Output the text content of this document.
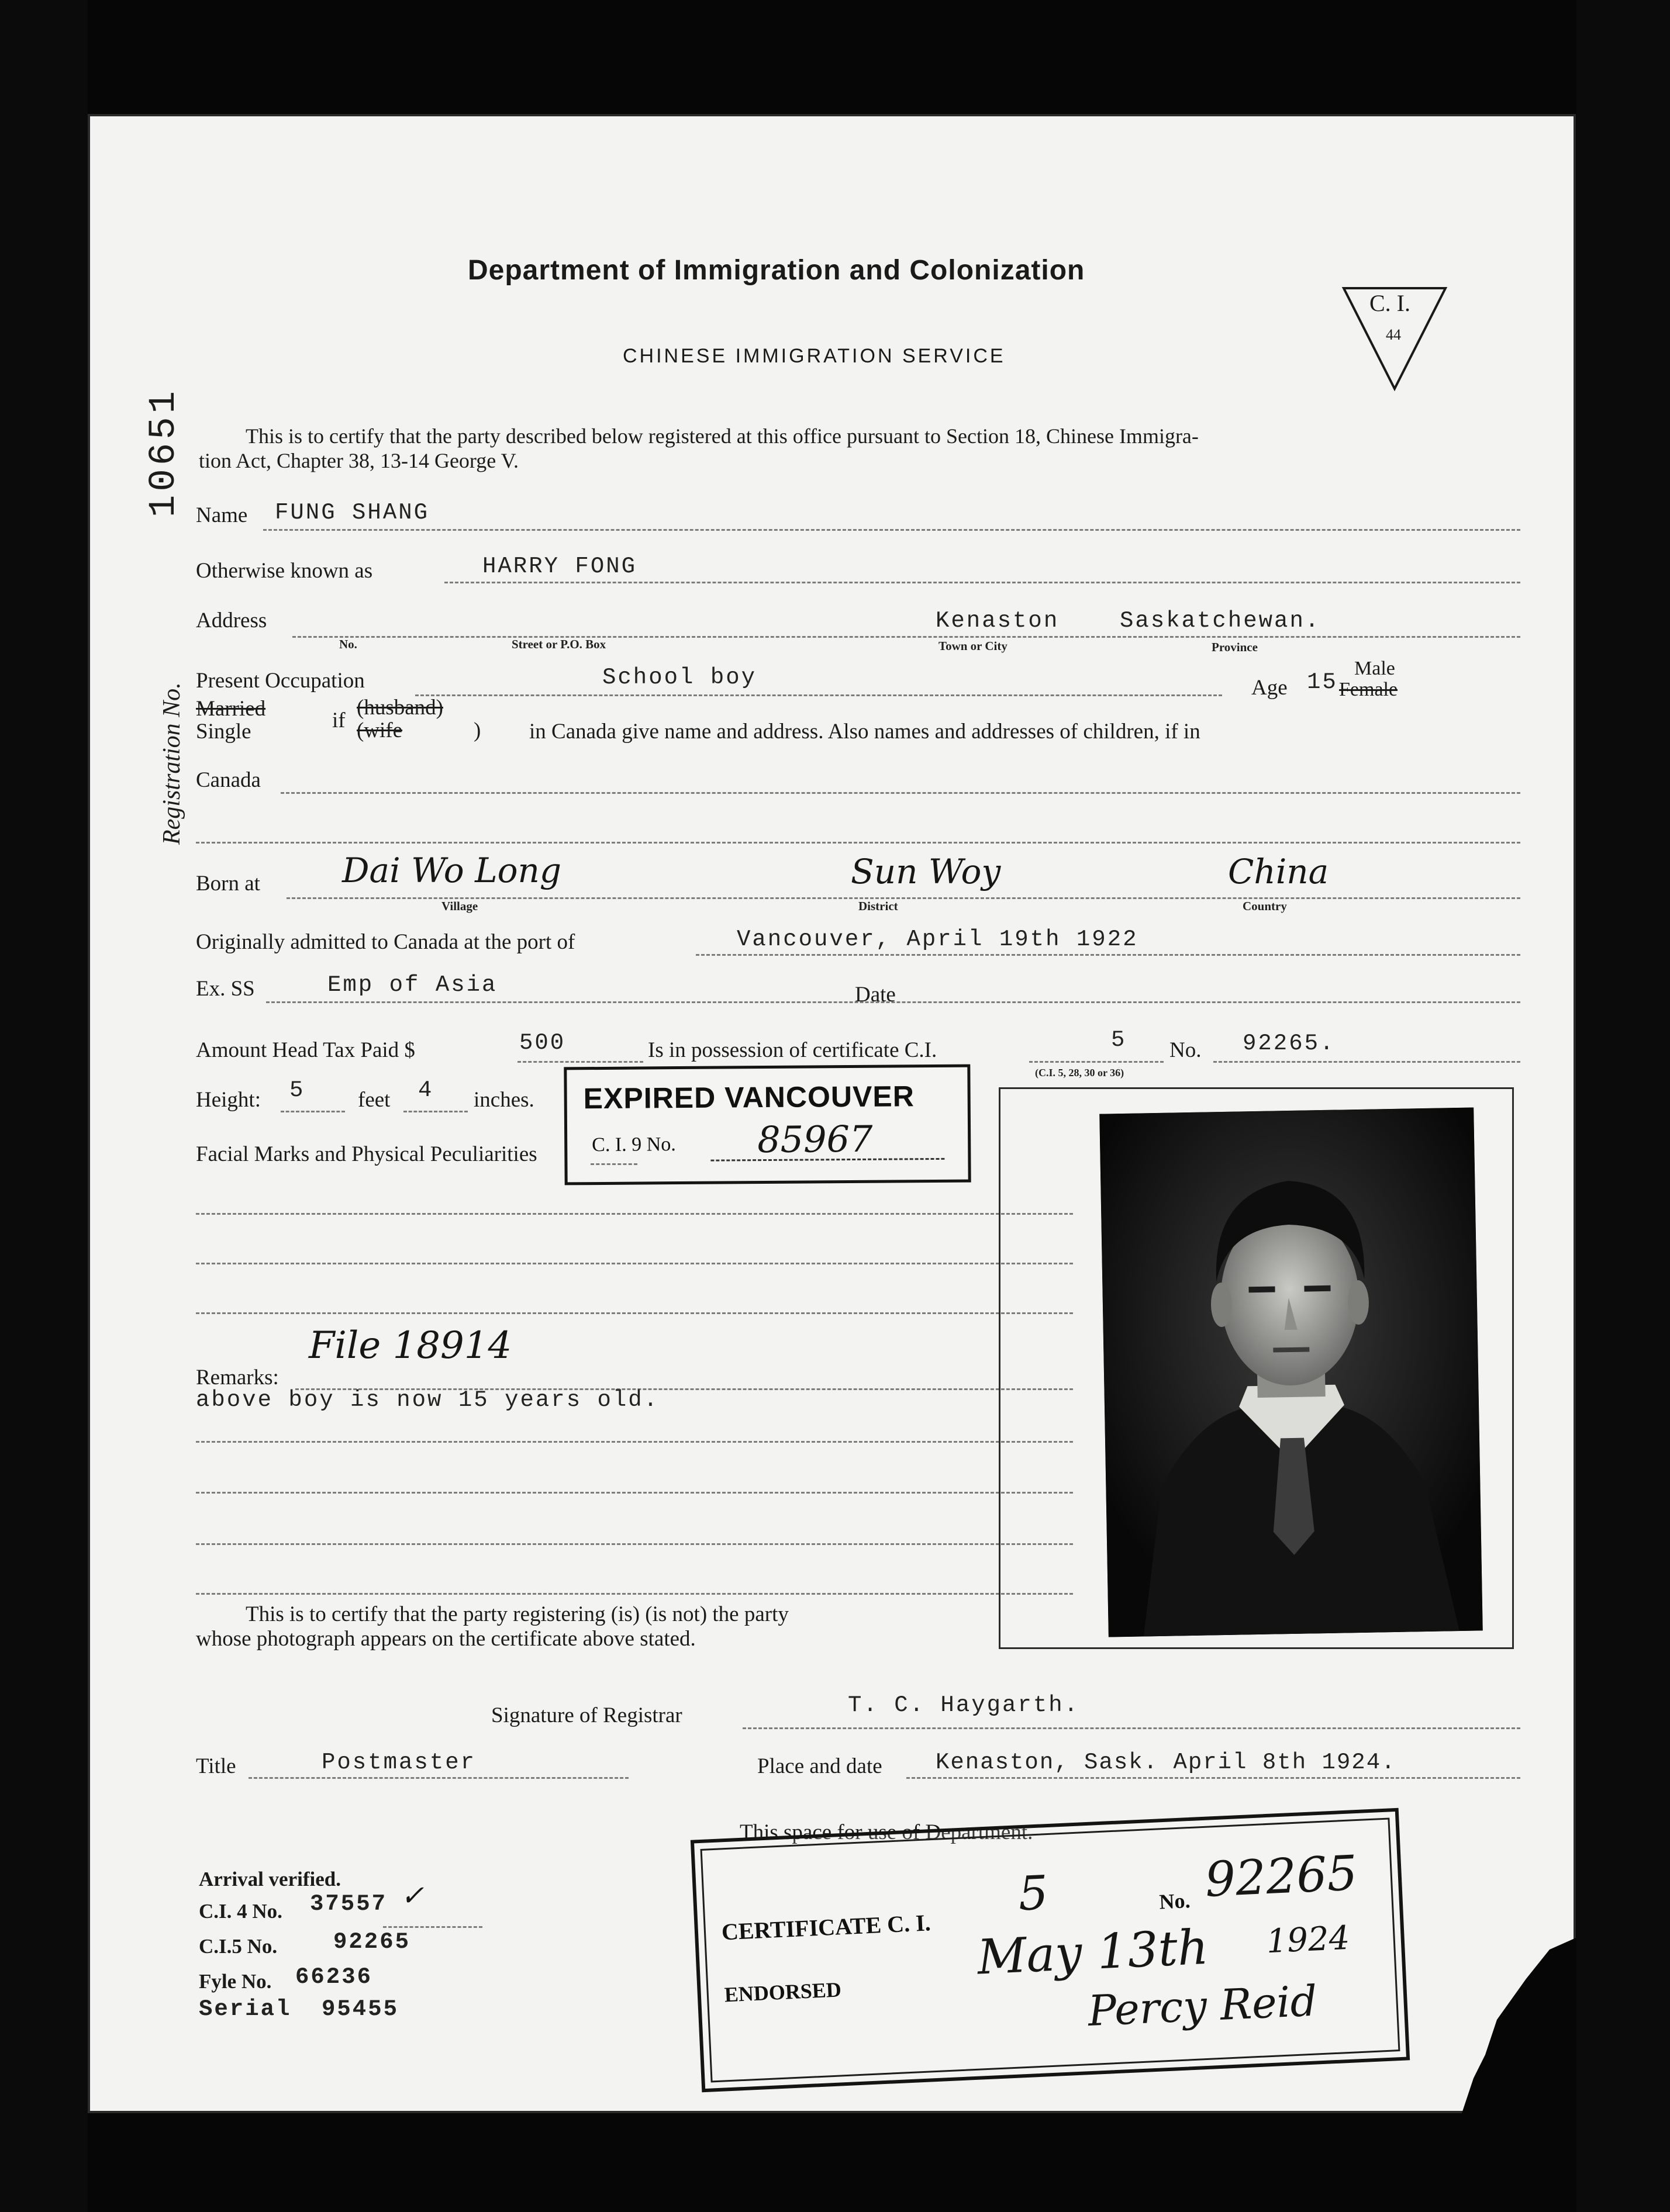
Department of Immigration and Colonization
CHINESE IMMIGRATION SERVICE
C. I.
44
10651
Registration No.
This is to certify that the party described below registered at this office pursuant to Section 18, Chinese Immigra-
tion Act, Chapter 38, 13-14 George V.
Name FUNG SHANG
Otherwise known as	HARRY FONG
Address
No.	Street or P.O. Box
Kenaston
Town or City
Saskatchewan.
Province
Present Occupation	School boy	Age 15
Male
Female
Married
Single	if
(husband)
(wife	) in Canada give name and address. Also names and addresses of children, if in
Canada
Born at Dai Wo Long
Village
Sun Woy
District
China
Country
Originally admitted to Canada at the port of	Vancouver, April 19th 1922
Ex. SS	Emp of Asia	Date
Amount Head Tax Paid $	500	Is in possession of certificate C.I.	5 No. 92265.
(C.I. 5, 28, 30 or 36)
Height: 5 feet 4 inches. EXPIRED VANCOUVER
C. I. 9 No. 85967
Facial Marks and Physical Peculiarities
Remarks:
File 18914
above boy is now 15 years old.
This is to certify that the party registering (is) (is not) the party
whose photograph appears on the certificate above stated.
Signature of Registrar	T. C. Haygarth.
Title	Postmaster	Place and date Kenaston, Sask. April 8th 1924.
This space for use of Department.
Arrival verified.
C.I. 4 No. 37557 ✓
C.I.5 No. 92265
Fyle No. 66236
Serial 95455
CERTIFICATE C. I.
5	No. 92265
ENDORSED
May 13th 1924
Percy Reid
